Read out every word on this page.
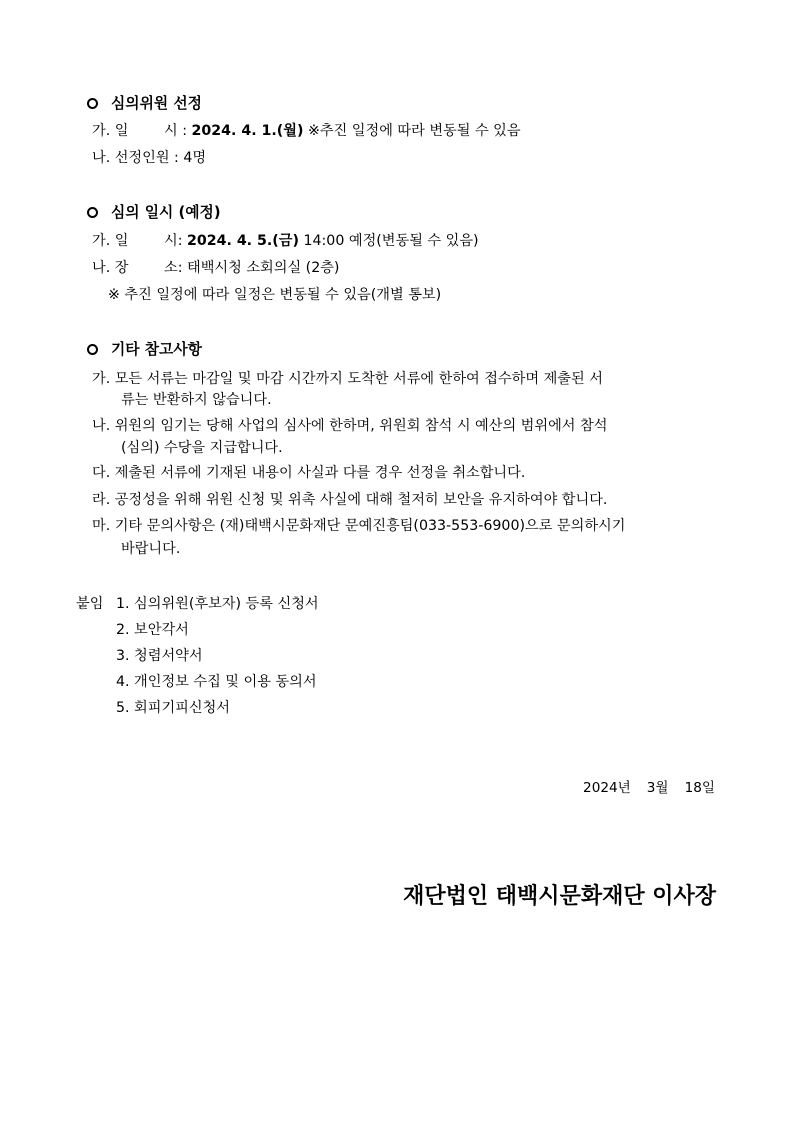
심의위원 선정
가. 일	시 : 2024. 4. 1.(월) ※추진 일정에 따라 변동될 수 있음
나. 선정인원 : 4명
심의 일시 (예정)
가. 일	시: 2024. 4. 5.(금) 14:00 예정(변동될 수 있음)
나. 장	소: 태백시청 소회의실 (2층)
※ 추진 일정에 따라 일정은 변동될 수 있음(개별 통보)
기타 참고사항
가. 모든 서류는 마감일 및 마감 시간까지 도착한 서류에 한하여 접수하며 제출된 서
류는 반환하지 않습니다.
나. 위원의 임기는 당해 사업의 심사에 한하며, 위원회 참석 시 예산의 범위에서 참석
(심의) 수당을 지급합니다.
다. 제출된 서류에 기재된 내용이 사실과 다를 경우 선정을 취소합니다.
라. 공정성을 위해 위원 신청 및 위촉 사실에 대해 철저히 보안을 유지하여야 합니다.
마. 기타 문의사항은 (재)태백시문화재단 문예진흥팀(033-553-6900)으로 문의하시기
바랍니다.
붙임 1. 심의위원(후보자) 등록 신청서
2. 보안각서
3. 청렴서약서
4. 개인정보 수집 및 이용 동의서
5. 회피기피신청서
2024년 3월 18일
재단법인 태백시문화재단 이사장
